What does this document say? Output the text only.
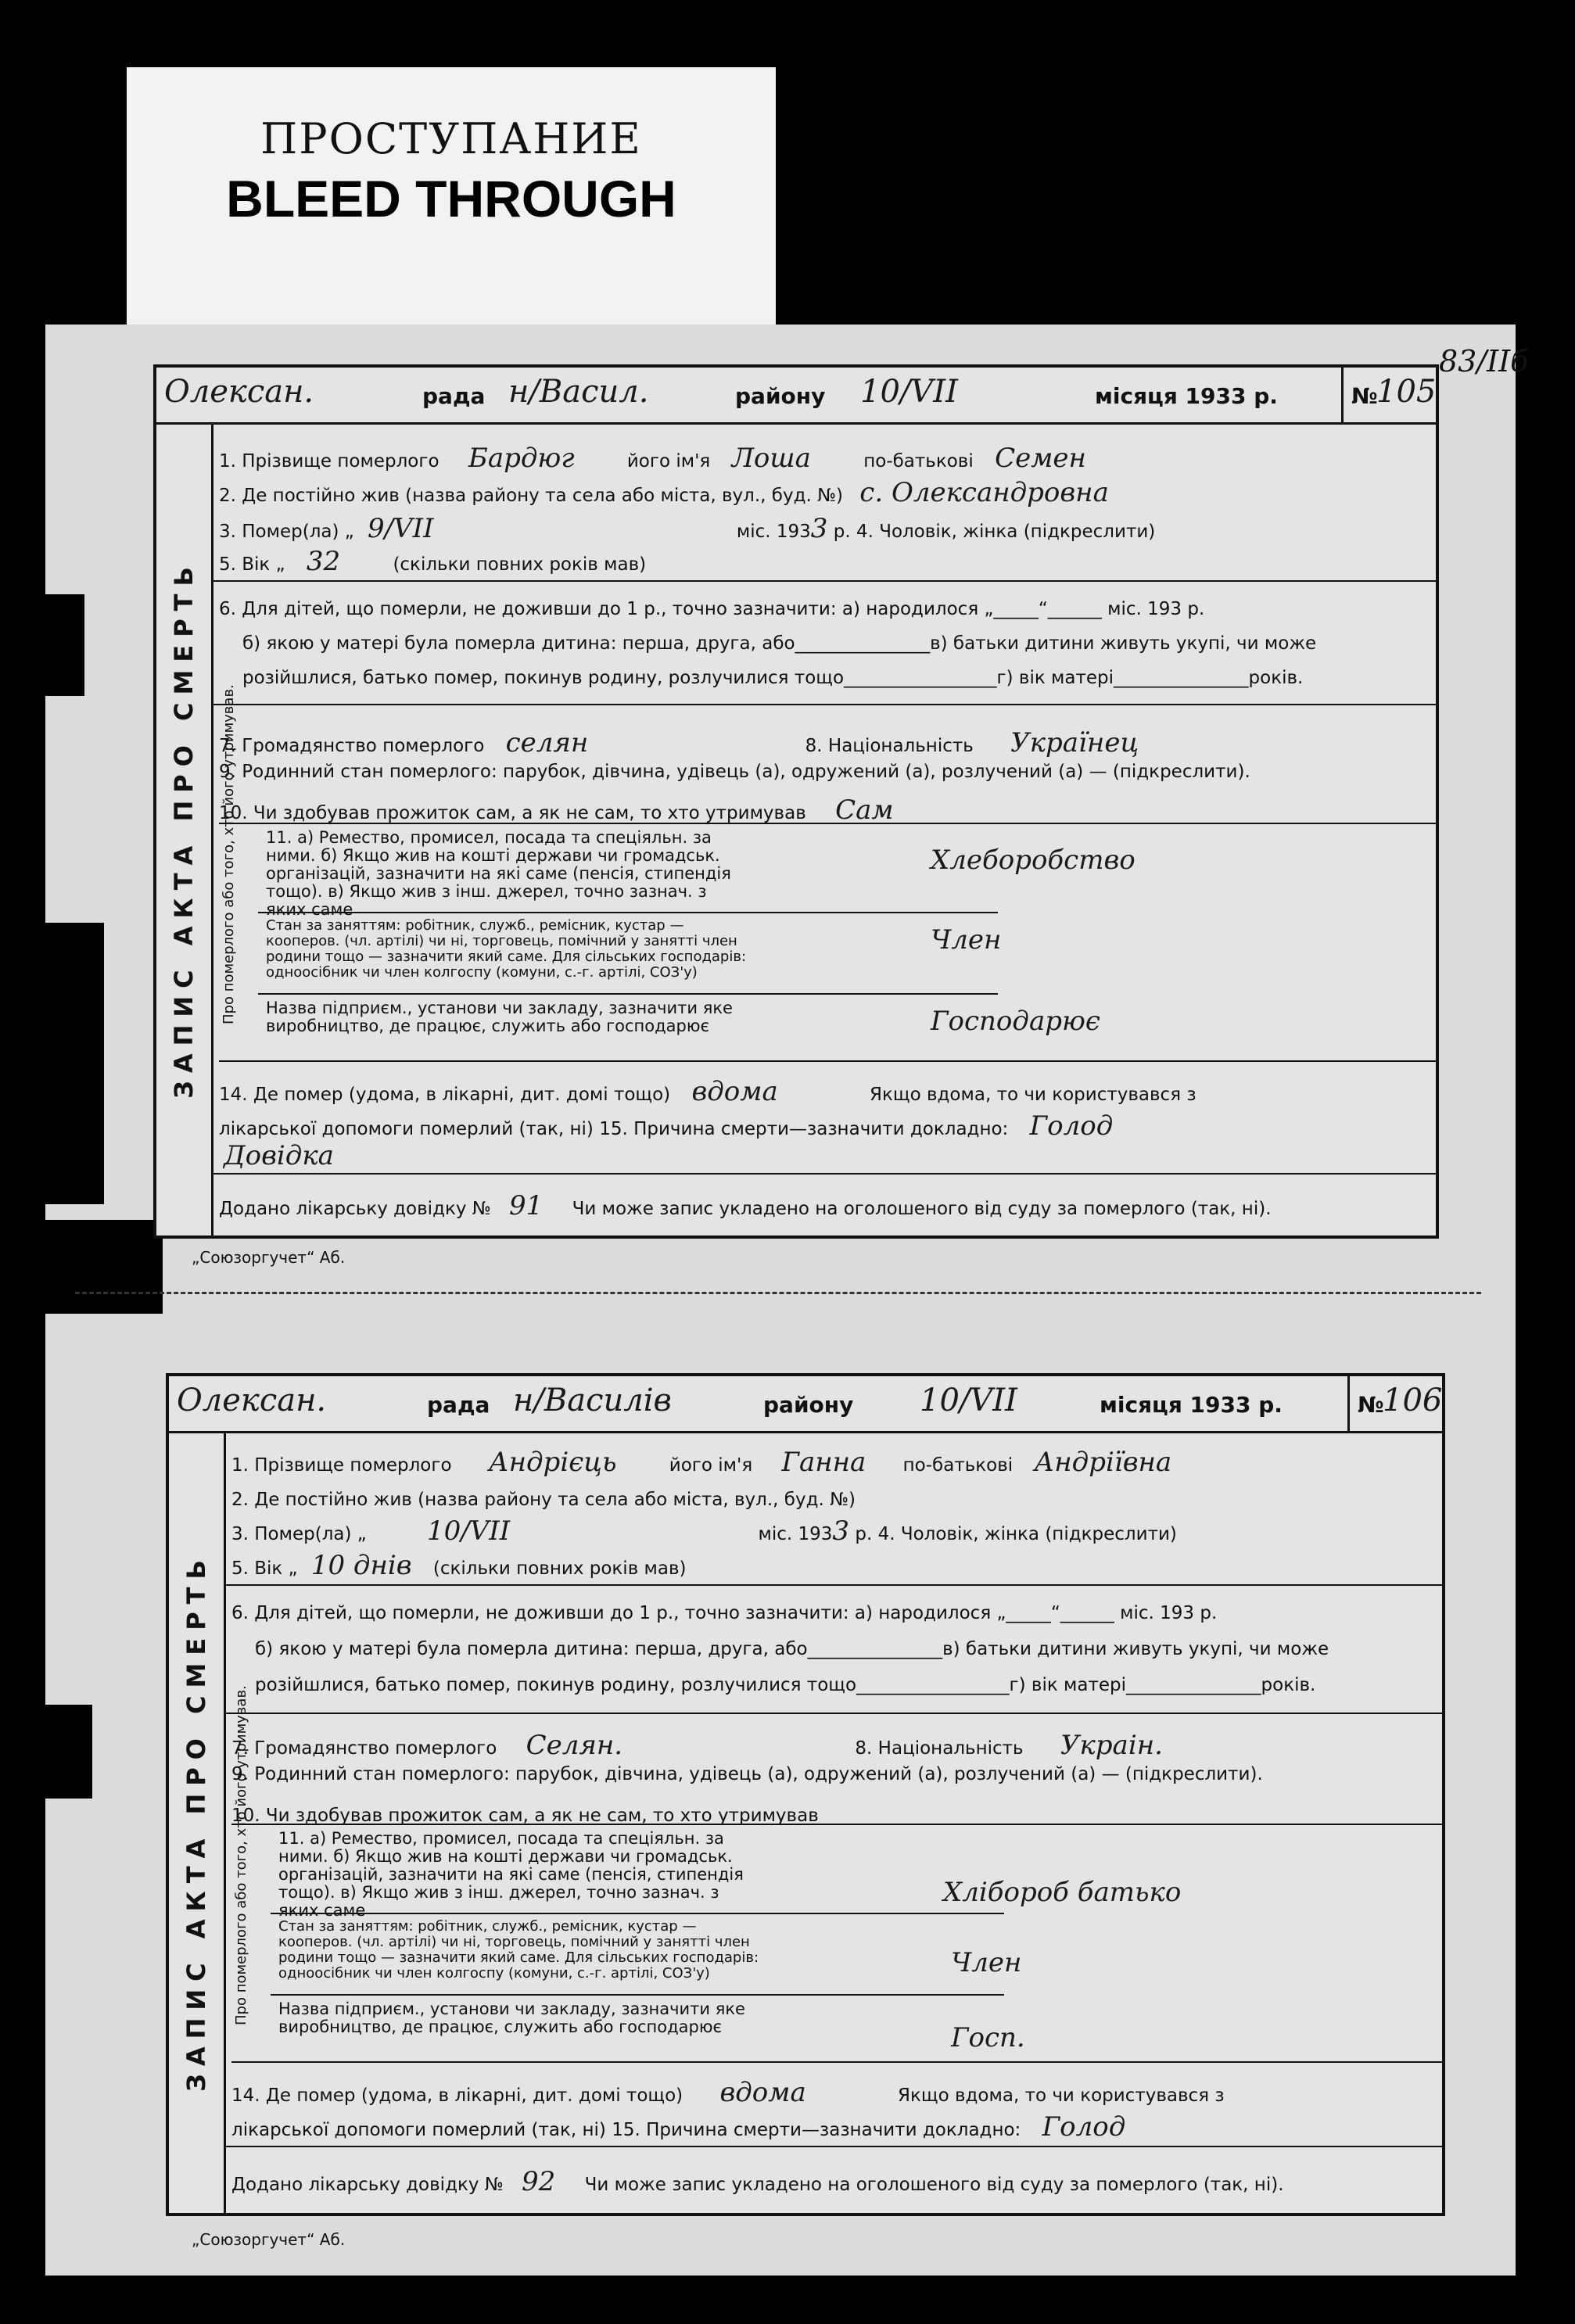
ПРОСТУПАНИЕ
BLEED THROUGH
83/ІІб
Олексан.	рада н/Васил.	району 10/VII	місяця 1933 р.	№
105
ЗАПИС АКТА ПРО СМЕРТЬ
1. Прізвище померлого Бардюг	його ім'я Лоша	по-батькові Семен
2. Де постійно жив (назва району та села або міста, вул., буд. №) с. Олександровна
3. Помер(ла) „ 9/VII	міс. 1933 р. 4. Чоловік, жінка (підкреслити)
5. Вік „ 32	(скільки повних років мав)
6. Для дітей, що померли, не доживши до 1 р., точно зазначити: а) народилося „_____“______ міс. 193 р.
б) якою у матері була померла дитина: перша, друга, або_______________в) батьки дитини живуть укупі, чи може
розійшлися, батько помер, покинув родину, розлучилися тощо_________________г) вік матері_______________років.
7. Громадянство померлого селян	8. Національність Українец
9. Родинний стан померлого: парубок, дівчина, удівець (а), одружений (а), розлучений (а) — (підкреслити).
10. Чи здобував прожиток сам, а як не сам, то хто утримував Сам
Про померлого або того, хто його утримував. 11. а) Ремество, промисел, посада та спеціяльн. за ними. б) Якщо жив на коштi держави чи громадськ. організацій, зазначити на які саме (пенсія, стипендія тощо). в) Якщо жив з інш. джерел, точно зазнач. з яких саме
Хлеборобство
Стан за заняттям: робітник, служб., ремісник, кустар — кооперов. (чл. артілі) чи ні, торговець, помічний у занятті член родини тощо — зазначити який саме. Для сільських господарів: одноосібник чи член колгоспу (комуни, с.-г. артілі, СОЗ'у)
Член
Назва підприєм., установи чи закладу, зазначити яке виробництво, де працює, служить або господарює	Господарює
14. Де помер (удома, в лікарні, дит. домі тощо) вдома	Якщо вдома, то чи користувався з
лікарської допомоги померлий (так, ні) 15. Причина смерти—зазначити докладно: Голод
Довідка
Додано лікарську довідку № 91 Чи може запис укладено на оголошеного від суду за померлого (так, ні).
„Союзоргучет“ Аб.
Олексан.	рада н/Василів	району 10/VII	місяця 1933 р.	№
106
ЗАПИС АКТА ПРО СМЕРТЬ
1. Прізвище померлого Андрієць	його ім'я Ганна по-батькові Андріївна
2. Де постійно жив (назва району та села або міста, вул., буд. №)
3. Помер(ла) „ 10/VII	міс. 1933 р. 4. Чоловік, жінка (підкреслити)
5. Вік „ 10 днів (скільки повних років мав)
6. Для дітей, що померли, не доживши до 1 р., точно зазначити: а) народилося „_____“______ міс. 193 р.
б) якою у матері була померла дитина: перша, друга, або_______________в) батьки дитини живуть укупі, чи може
розійшлися, батько помер, покинув родину, розлучилися тощо_________________г) вік матері_______________років.
7. Громадянство померлого Селян.	8. Національність Украін.
9. Родинний стан померлого: парубок, дівчина, удівець (а), одружений (а), розлучений (а) — (підкреслити).
10. Чи здобував прожиток сам, а як не сам, то хто утримував
Про померлого або того, хто його утримував. 11. а) Ремество, промисел, посада та спеціяльн. за ними. б) Якщо жив на коштi держави чи громадськ. організацій, зазначити на які саме (пенсія, стипендія тощо). в) Якщо жив з інш. джерел, точно зазнач. з яких саме
Хлібороб батько
Стан за заняттям: робітник, служб., ремісник, кустар — кооперов. (чл. артілі) чи ні, торговець, помічний у занятті член родини тощо — зазначити який саме. Для сільських господарів: одноосібник чи член колгоспу (комуни, с.-г. артілі, СОЗ'у)	Член
Назва підприєм., установи чи закладу, зазначити яке виробництво, де працює, служить або господарює	Госп.
14. Де помер (удома, в лікарні, дит. домі тощо) вдома	Якщо вдома, то чи користувався з
лікарської допомоги померлий (так, ні) 15. Причина смерти—зазначити докладно: Голод
Додано лікарську довідку № 92 Чи може запис укладено на оголошеного від суду за померлого (так, ні).
„Союзоргучет“ Аб.
